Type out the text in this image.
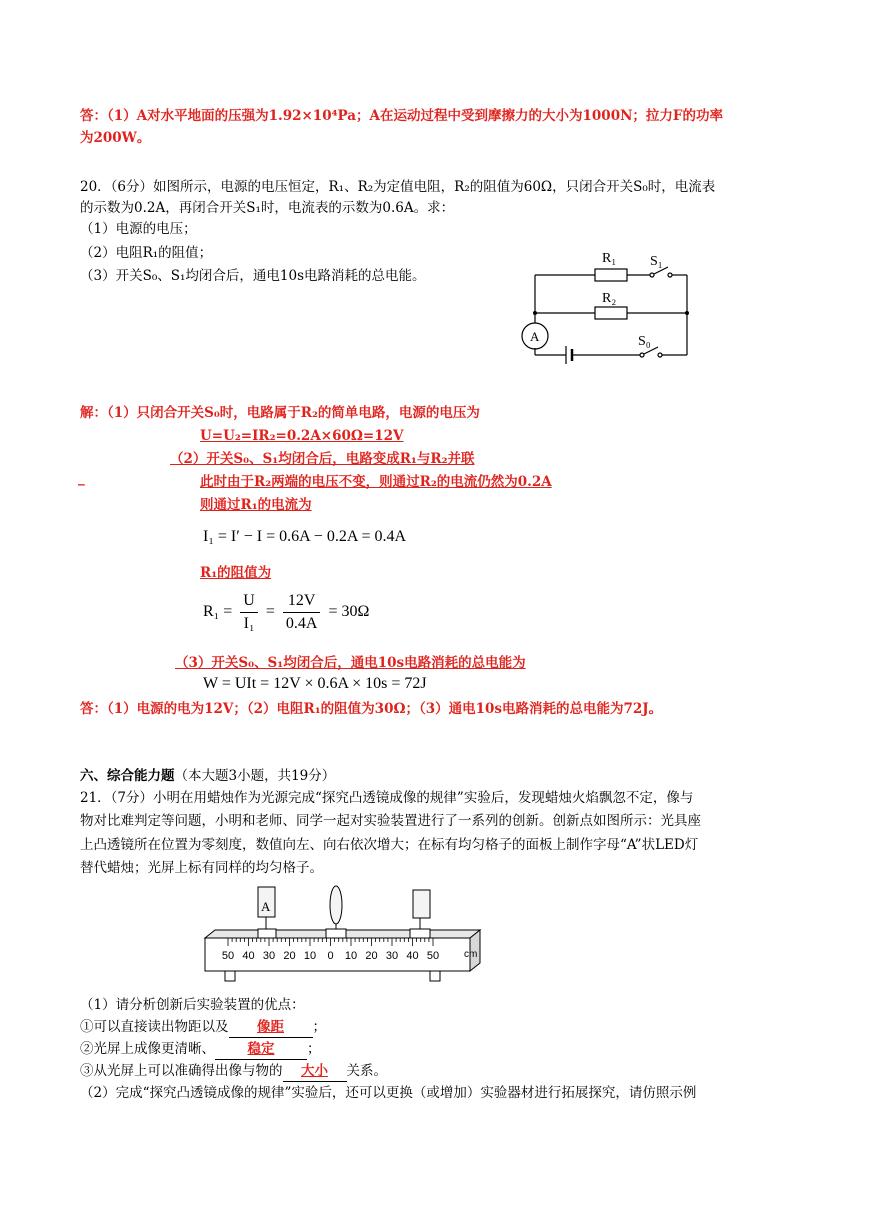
答：（1）A对水平地面的压强为1.92×10⁴Pa；A在运动过程中受到摩擦力的大小为1000N；拉力F的功率
为200W。
20．（6分）如图所示，电源的电压恒定，R₁、R₂为定值电阻，R₂的阻值为60Ω，只闭合开关S₀时，电流表
的示数为0.2A，再闭合开关S₁时，电流表的示数为0.6A。求：
（1）电源的电压；
（2）电阻R₁的阻值；
（3）开关S₀、S₁均闭合后，通电10s电路消耗的总电能。
R₁
R₂
S₁
S₀
A
解：（1）只闭合开关S₀时，电路属于R₂的简单电路，电源的电压为
U=U₂=IR₂=0.2A×60Ω=12V
（2）开关S₀、S₁均闭合后，电路变成R₁与R₂并联
_	此时由于R₂两端的电压不变，则通过R₂的电流仍然为0.2A
则通过R₁的电流为
I₁ = I′ − I = 0.6A − 0.2A = 0.4A
R₁的阻值为
$R_1 = \frac{U}{\text{I₁}} = \frac{12V}{0.4A} = 30\Omega$
（3）开关S₀、S₁均闭合后，通电10s电路消耗的总电能为
W = UIt = 12V × 0.6A × 10s = 72J
答：（1）电源的电为12V；（2）电阻R₁的阻值为30Ω；（3）通电10s电路消耗的总电能为72J。
六、综合能力题（本大题3小题，共19分）
21．（7分）小明在用蜡烛作为光源完成“探究凸透镜成像的规律”实验后，发现蜡烛火焰飘忽不定，像与
物对比难判定等问题，小明和老师、同学一起对实验装置进行了一系列的创新。创新点如图所示：光具座
上凸透镜所在位置为零刻度，数值向左、向右依次增大；在标有均匀格子的面板上制作字母“A”状LED灯
替代蜡烛；光屏上标有同样的均匀格子。
A
50 40 30 20 10 0 10 20 30 40 50 cm
（1）请分析创新后实验装置的优点：
①可以直接读出物距以及 像距 ；
②光屏上成像更清晰、 稳定 ；
③从光屏上可以准确得出像与物的 大小 关系。
（2）完成“探究凸透镜成像的规律”实验后，还可以更换（或增加）实验器材进行拓展探究，请仿照示例
